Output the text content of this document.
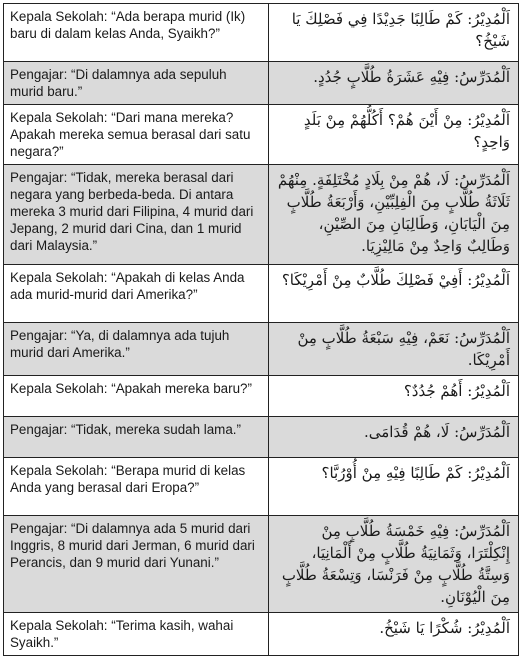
Kepala Sekolah: “Ada berapa murid (Ik) baru di dalam kelas Anda, Syaikh?”	اَلْمُدِيْرُ: كَمْ طَالِبًا جَدِيْدًا فِي فَصْلِكَ يَا شَيْخُ؟
Pengajar: “Di dalamnya ada sepuluh murid baru.”	اَلْمُدَرِّسُ: فِيْهِ عَشَرَةُ طُلَّابٍ جُدُدٍ.
Kepala Sekolah: “Dari mana mereka? Apakah mereka semua berasal dari satu negara?”	اَلْمُدِيْرُ: مِنْ أَيْنَ هُمْ؟ أَكُلُّهُمْ مِنْ بَلَدٍ وَاحِدٍ؟
Pengajar: “Tidak, mereka berasal dari negara yang berbeda-beda. Di antara mereka 3 murid dari Filipina, 4 murid dari Jepang, 2 murid dari Cina, dan 1 murid dari Malaysia.”	اَلْمُدَرِّسُ: لَا، هُمْ مِنْ بِلَادٍ مُخْتَلِفَةٍ. مِنْهُمْ ثَلَاثَةُ طُلَّابٍ مِنَ الْفِلِبِّيْنِ، وَأَرْبَعَةُ طُلَّابٍ مِنَ الْيَابَانِ، وَطَالِبَانِ مِنَ الصِّيْنِ، وَطَالِبٌ وَاحِدٌ مِنْ مَالِيْزِيَا.
Kepala Sekolah: “Apakah di kelas Anda ada murid-murid dari Amerika?”	اَلْمُدِيْرُ: أَفِيْ فَصْلِكَ طُلَّابٌ مِنْ أَمْرِيْكَا؟
Pengajar: “Ya, di dalamnya ada tujuh murid dari Amerika.”	اَلْمُدَرِّسُ: نَعَمْ، فِيْهِ سَبْعَةُ طُلَّابٍ مِنْ أَمْرِيْكَا.
Kepala Sekolah: “Apakah mereka baru?”	اَلْمُدِيْرُ: أَهُمْ جُدُدٌ؟
Pengajar: “Tidak, mereka sudah lama.”	اَلْمُدَرِّسُ: لَا، هُمْ قُدَامَى.
Kepala Sekolah: “Berapa murid di kelas Anda yang berasal dari Eropa?”	اَلْمُدِيْرُ: كَمْ طَالِبًا فِيْهِ مِنْ أُوْرُبَّا؟
Pengajar: “Di dalamnya ada 5 murid dari Inggris, 8 murid dari Jerman, 6 murid dari Perancis, dan 9 murid dari Yunani.”	اَلْمُدَرِّسُ: فِيْهِ خَمْسَةُ طُلَّابٍ مِنْ إِنْكِلْتَرَا، وَثَمَانِيَةُ طُلَّابٍ مِنْ أَلْمَانِيَا، وَسِتَّةُ طُلَّابٍ مِنْ فَرَنْسَا، وَتِسْعَةُ طُلَّابٍ مِنَ الْيُوْنَانِ.
Kepala Sekolah: “Terima kasih, wahai Syaikh.”	اَلْمُدِيْرُ: شُكْرًا يَا شَيْخُ.
